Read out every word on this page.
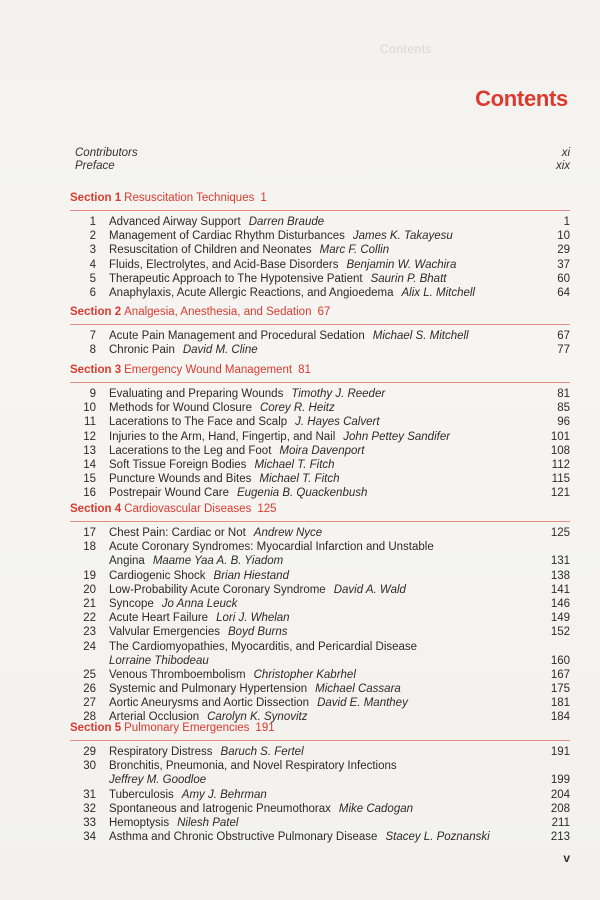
Contents
Contents
Contributors	xi
Preface	xix
Section 1 Resuscitation Techniques 1
1 Advanced Airway Support Darren Braude	1
2 Management of Cardiac Rhythm Disturbances James K. Takayesu	10
3 Resuscitation of Children and Neonates Marc F. Collin	29
4 Fluids, Electrolytes, and Acid-Base Disorders Benjamin W. Wachira	37
5 Therapeutic Approach to The Hypotensive Patient Saurin P. Bhatt	60
6 Anaphylaxis, Acute Allergic Reactions, and Angioedema Alix L. Mitchell	64
Section 2 Analgesia, Anesthesia, and Sedation 67
7 Acute Pain Management and Procedural Sedation Michael S. Mitchell	67
8 Chronic Pain David M. Cline	77
Section 3 Emergency Wound Management 81
9 Evaluating and Preparing Wounds Timothy J. Reeder	81
10 Methods for Wound Closure Corey R. Heitz	85
11 Lacerations to The Face and Scalp J. Hayes Calvert	96
12 Injuries to the Arm, Hand, Fingertip, and Nail John Pettey Sandifer	101
13 Lacerations to the Leg and Foot Moira Davenport	108
14 Soft Tissue Foreign Bodies Michael T. Fitch	112
15 Puncture Wounds and Bites Michael T. Fitch	115
16 Postrepair Wound Care Eugenia B. Quackenbush	121
Section 4 Cardiovascular Diseases 125
17 Chest Pain: Cardiac or Not Andrew Nyce	125
18 Acute Coronary Syndromes: Myocardial Infarction and Unstable
Angina Maame Yaa A. B. Yiadom	131
19 Cardiogenic Shock Brian Hiestand	138
20 Low-Probability Acute Coronary Syndrome David A. Wald	141
21 Syncope Jo Anna Leuck	146
22 Acute Heart Failure Lori J. Whelan	149
23 Valvular Emergencies Boyd Burns	152
24 The Cardiomyopathies, Myocarditis, and Pericardial Disease
Lorraine Thibodeau	160
25 Venous Thromboembolism Christopher Kabrhel	167
26 Systemic and Pulmonary Hypertension Michael Cassara	175
27 Aortic Aneurysms and Aortic Dissection David E. Manthey	181
28 Arterial Occlusion Carolyn K. Synovitz	184
Section 5 Pulmonary Emergencies 191
29 Respiratory Distress Baruch S. Fertel	191
30 Bronchitis, Pneumonia, and Novel Respiratory Infections
Jeffrey M. Goodloe	199
31 Tuberculosis Amy J. Behrman	204
32 Spontaneous and Iatrogenic Pneumothorax Mike Cadogan	208
33 Hemoptysis Nilesh Patel	211
34 Asthma and Chronic Obstructive Pulmonary Disease Stacey L. Poznanski	213
v
